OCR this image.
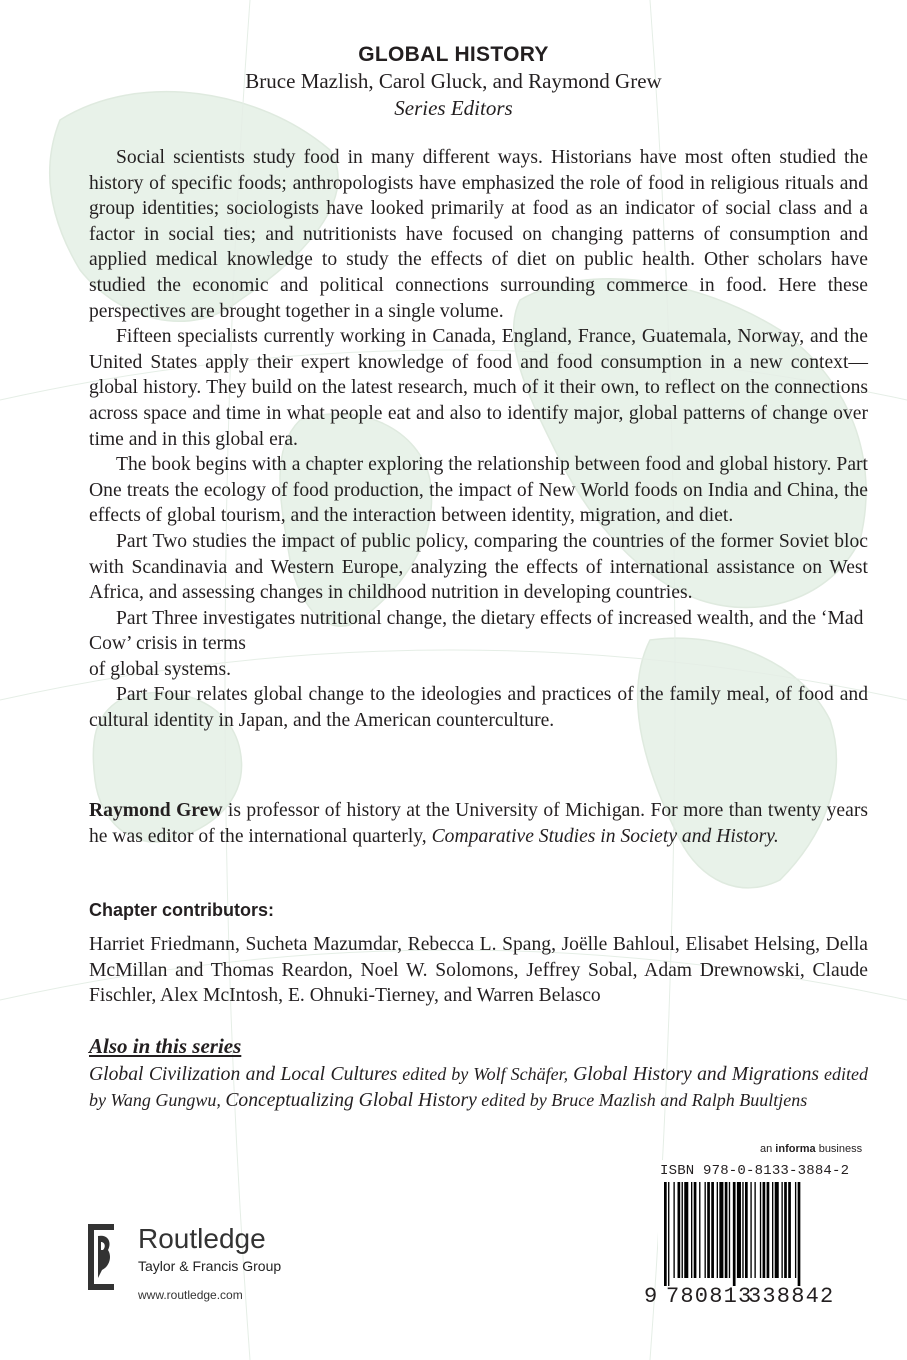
GLOBAL HISTORY
Bruce Mazlish, Carol Gluck, and Raymond Grew
Series Editors

Social scientists study food in many different ways. Historians have most often studied the history of specific foods; anthropologists have emphasized the role of food in religious rituals and group identities; sociologists have looked primarily at food as an indicator of social class and a factor in social ties; and nutritionists have focused on changing patterns of consumption and applied medical knowledge to study the effects of diet on public health. Other scholars have studied the economic and political connections surrounding commerce in food. Here these perspectives are brought together in a single volume.

Fifteen specialists currently working in Canada, England, France, Guatemala, Norway, and the United States apply their expert knowledge of food and food consumption in a new context—global history. They build on the latest research, much of it their own, to reflect on the connections across space and time in what people eat and also to identify major, global patterns of change over time and in this global era.

The book begins with a chapter exploring the relationship between food and global history. Part One treats the ecology of food production, the impact of New World foods on India and China, the effects of global tourism, and the interaction between identity, migration, and diet.

Part Two studies the impact of public policy, comparing the countries of the former Soviet bloc with Scandinavia and Western Europe, analyzing the effects of international assistance on West Africa, and assessing changes in childhood nutrition in developing countries.

Part Three investigates nutritional change, the dietary effects of increased wealth, and the ‘Mad Cow’ crisis in terms

of global systems.

Part Four relates global change to the ideologies and practices of the family meal, of food and cultural identity in Japan, and the American counterculture.

Raymond Grew is professor of history at the University of Michigan. For more than twenty years he was editor of the international quarterly, Comparative Studies in Society and History.
Chapter contributors:
Harriet Friedmann, Sucheta Mazumdar, Rebecca L. Spang, Joëlle Bahloul, Elisabet Helsing, Della McMillan and Thomas Reardon, Noel W. Solomons, Jeffrey Sobal, Adam Drewnowski, Claude Fischler, Alex McIntosh, E. Ohnuki-Tierney, and Warren Belasco
Also in this series
Global Civilization and Local Cultures edited by Wolf Schäfer, Global History and Migrations edited by Wang Gungwu, Conceptualizing Global History edited by Bruce Mazlish and Ralph Buultjens
an informa business
ISBN 978-0-8133-3884-2
9 780813
338842
Routledge
Taylor & Francis Group
www.routledge.com
